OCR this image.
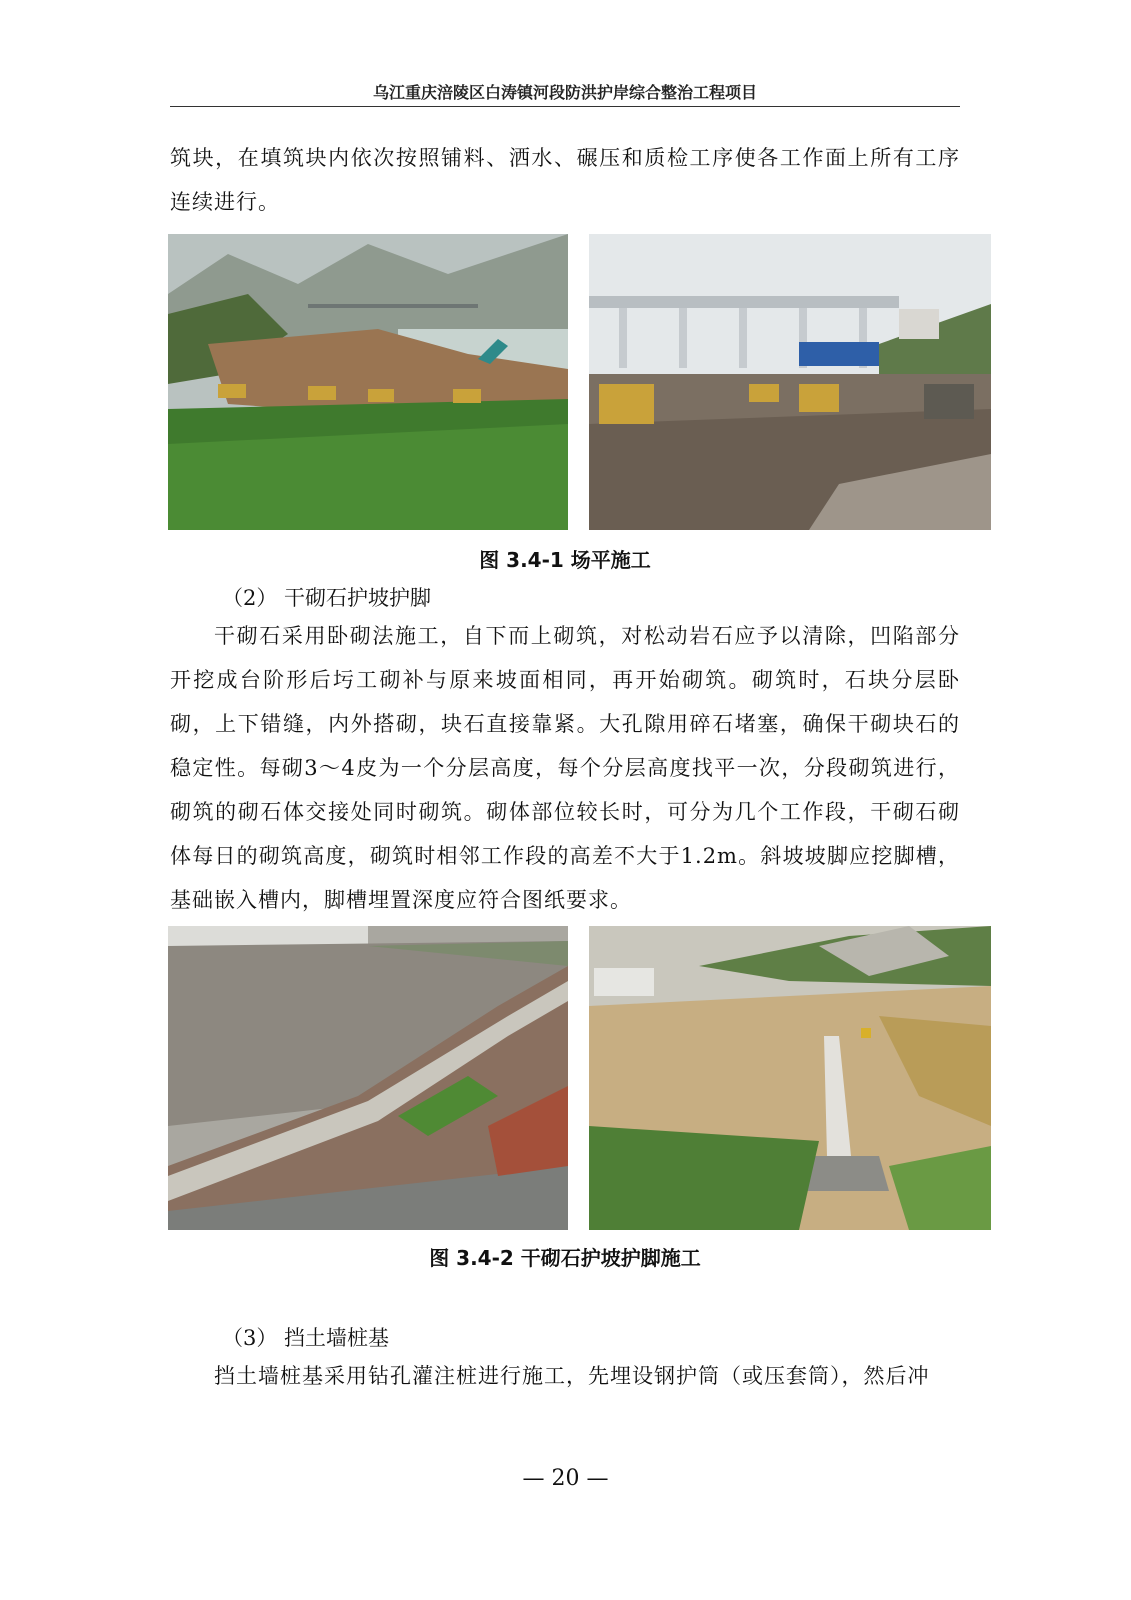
乌江重庆涪陵区白涛镇河段防洪护岸综合整治工程项目

筑块，在填筑块内依次按照铺料、洒水、碾压和质检工序使各工作面上所有工序连续进行。

图 3.4-1 场平施工
（2） 干砌石护坡护脚

干砌石采用卧砌法施工，自下而上砌筑，对松动岩石应予以清除，凹陷部分开挖成台阶形后圬工砌补与原来坡面相同，再开始砌筑。砌筑时，石块分层卧砌，上下错缝，内外搭砌，块石直接靠紧。大孔隙用碎石堵塞，确保干砌块石的稳定性。每砌3～4皮为一个分层高度，每个分层高度找平一次，分段砌筑进行，砌筑的砌石体交接处同时砌筑。砌体部位较长时，可分为几个工作段，干砌石砌体每日的砌筑高度，砌筑时相邻工作段的高差不大于1.2m。斜坡坡脚应挖脚槽，基础嵌入槽内，脚槽埋置深度应符合图纸要求。

图 3.4-2 干砌石护坡护脚施工
（3） 挡土墙桩基

挡土墙桩基采用钻孔灌注桩进行施工，先埋设钢护筒（或压套筒），然后冲

— 20 —
